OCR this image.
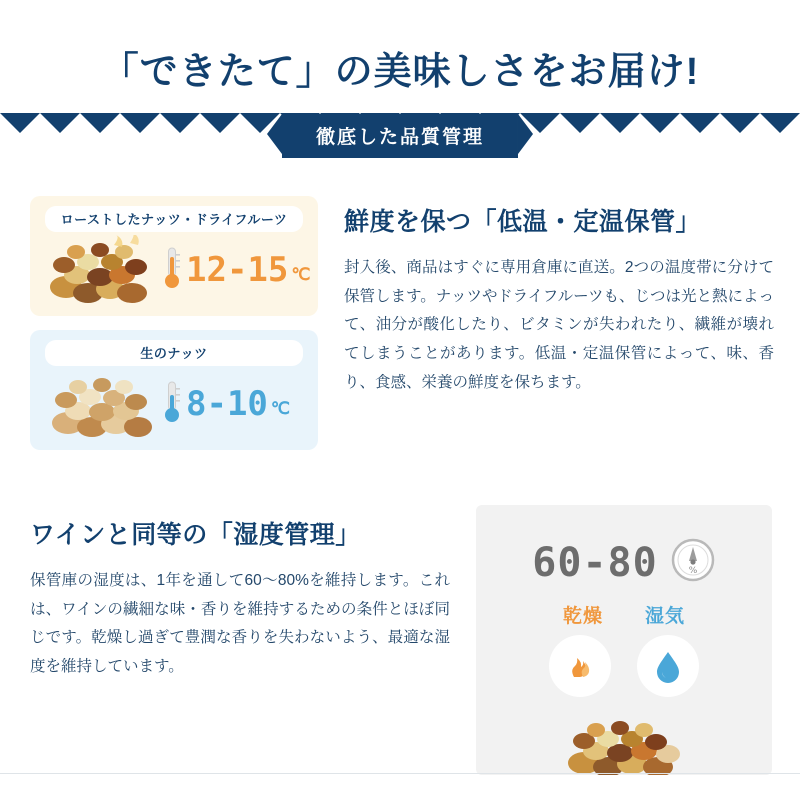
「できたて」の美味しさをお届け!
徹底した品質管理
ローストしたナッツ・ドライフルーツ
12-15 ℃
生のナッツ
8-10 ℃
鮮度を保つ「低温・定温保管」
封入後、商品はすぐに専用倉庫に直送。2つの温度帯に分けて保管します。ナッツやドライフルーツも、じつは光と熱によって、油分が酸化したり、ビタミンが失われたり、繊維が壊れてしまうことがあります。低温・定温保管によって、味、香り、食感、栄養の鮮度を保ちます。
ワインと同等の「湿度管理」
保管庫の湿度は、1年を通して60〜80%を維持します。これは、ワインの繊細な味・香りを維持するための条件とほぼ同じです。乾燥し過ぎて豊潤な香りを失わないよう、最適な湿度を維持しています。
60-80	%
乾燥 湿気
